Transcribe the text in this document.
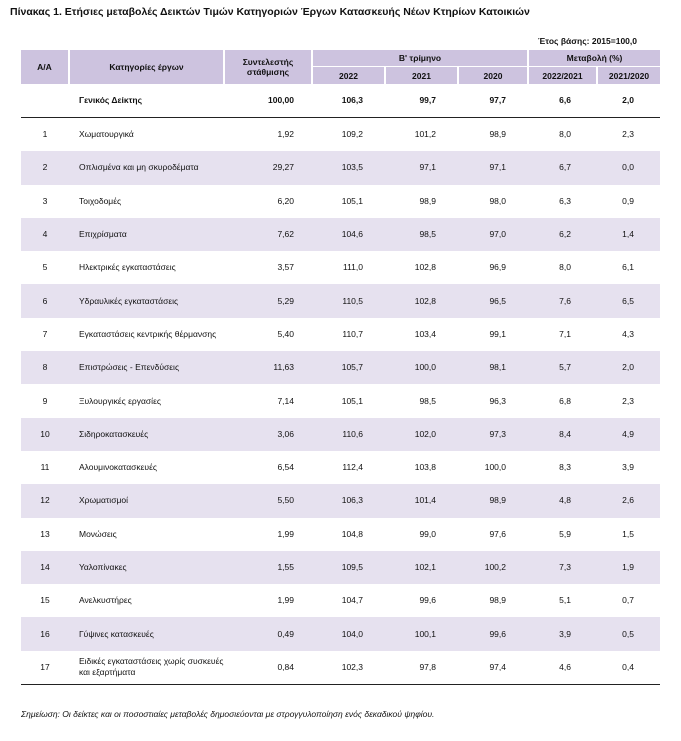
Πίνακας 1. Ετήσιες μεταβολές Δεικτών Τιμών Κατηγοριών Έργων Κατασκευής Νέων Κτηρίων Κατοικιών
Έτος βάσης: 2015=100,0
Α/Α	Κατηγορίες έργων	Συντελεστής στάθμισης	Β' τρίμηνο			Μεταβολή (%)	
			2022	2021	2020	2022/2021	2021/2020
	Γενικός Δείκτης	100,00	106,3	99,7	97,7	6,6	2,0
1	Χωματουργικά	1,92	109,2	101,2	98,9	8,0	2,3
2	Οπλισμένα και μη σκυροδέματα	29,27	103,5	97,1	97,1	6,7	0,0
3	Τοιχοδομές	6,20	105,1	98,9	98,0	6,3	0,9
4	Επιχρίσματα	7,62	104,6	98,5	97,0	6,2	1,4
5	Ηλεκτρικές εγκαταστάσεις	3,57	111,0	102,8	96,9	8,0	6,1
6	Υδραυλικές εγκαταστάσεις	5,29	110,5	102,8	96,5	7,6	6,5
7	Εγκαταστάσεις κεντρικής θέρμανσης	5,40	110,7	103,4	99,1	7,1	4,3
8	Επιστρώσεις - Επενδύσεις	11,63	105,7	100,0	98,1	5,7	2,0
9	Ξυλουργικές εργασίες	7,14	105,1	98,5	96,3	6,8	2,3
10	Σιδηροκατασκευές	3,06	110,6	102,0	97,3	8,4	4,9
11	Αλουμινοκατασκευές	6,54	112,4	103,8	100,0	8,3	3,9
12	Χρωματισμοί	5,50	106,3	101,4	98,9	4,8	2,6
13	Μονώσεις	1,99	104,8	99,0	97,6	5,9	1,5
14	Υαλοπίνακες	1,55	109,5	102,1	100,2	7,3	1,9
15	Ανελκυστήρες	1,99	104,7	99,6	98,9	5,1	0,7
16	Γύψινες κατασκευές	0,49	104,0	100,1	99,6	3,9	0,5
17	Ειδικές εγκαταστάσεις χωρίς συσκευές και εξαρτήματα	0,84	102,3	97,8	97,4	4,6	0,4
Σημείωση: Οι δείκτες και οι ποσοστιαίες μεταβολές δημοσιεύονται με στρογγυλοποίηση ενός δεκαδικού ψηφίου.
